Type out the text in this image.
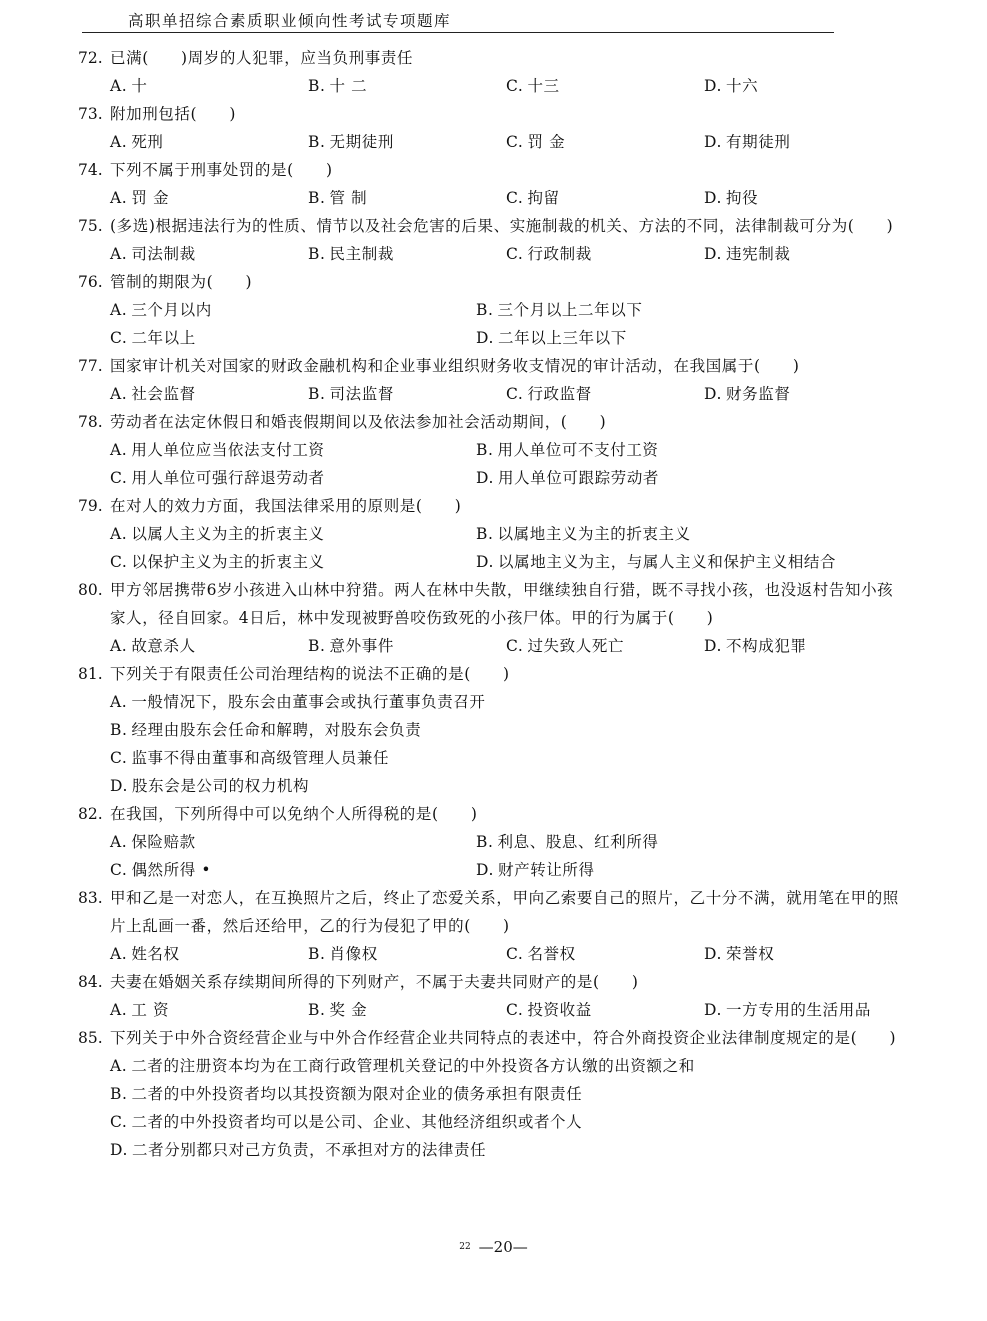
高职单招综合素质职业倾向性考试专项题库
72. 已满(　　)周岁的人犯罪，应当负刑事责任
A. 十	B. 十 二	C. 十三	D. 十六
73. 附加刑包括(　　)
A. 死刑	B. 无期徒刑	C. 罚 金	D. 有期徒刑
74. 下列不属于刑事处罚的是(　　)
A. 罚 金	B. 管 制	C. 拘留	D. 拘役
75. (多选)根据违法行为的性质、情节以及社会危害的后果、实施制裁的机关、方法的不同，法律制裁可分为(　　)
A. 司法制裁	B. 民主制裁	C. 行政制裁	D. 违宪制裁
76. 管制的期限为(　　)
A. 三个月以内	B. 三个月以上二年以下
C. 二年以上	D. 二年以上三年以下
77. 国家审计机关对国家的财政金融机构和企业事业组织财务收支情况的审计活动，在我国属于(　　)
A. 社会监督	B. 司法监督	C. 行政监督	D. 财务监督
78. 劳动者在法定休假日和婚丧假期间以及依法参加社会活动期间，(　　)
A. 用人单位应当依法支付工资	B. 用人单位可不支付工资
C. 用人单位可强行辞退劳动者	D. 用人单位可跟踪劳动者
79. 在对人的效力方面，我国法律采用的原则是(　　)
A. 以属人主义为主的折衷主义	B. 以属地主义为主的折衷主义
C. 以保护主义为主的折衷主义	D. 以属地主义为主，与属人主义和保护主义相结合
80. 甲方邻居携带6岁小孩进入山林中狩猎。两人在林中失散，甲继续独自行猎，既不寻找小孩，也没返村告知小孩家人，径自回家。4日后，林中发现被野兽咬伤致死的小孩尸体。甲的行为属于(　　)
A. 故意杀人	B. 意外事件	C. 过失致人死亡	D. 不构成犯罪
81. 下列关于有限责任公司治理结构的说法不正确的是(　　)
A. 一般情况下，股东会由董事会或执行董事负责召开
B. 经理由股东会任命和解聘，对股东会负责
C. 监事不得由董事和高级管理人员兼任
D. 股东会是公司的权力机构
82. 在我国，下列所得中可以免纳个人所得税的是(　　)
A. 保险赔款	B. 利息、股息、红利所得
C. 偶然所得 •	D. 财产转让所得
83. 甲和乙是一对恋人，在互换照片之后，终止了恋爱关系，甲向乙索要自己的照片，乙十分不满，就用笔在甲的照片上乱画一番，然后还给甲，乙的行为侵犯了甲的(　　)
A. 姓名权	B. 肖像权	C. 名誉权	D. 荣誉权
84. 夫妻在婚姻关系存续期间所得的下列财产，不属于夫妻共同财产的是(　　)
A. 工 资	B. 奖 金	C. 投资收益	D. 一方专用的生活用品
85. 下列关于中外合资经营企业与中外合作经营企业共同特点的表述中，符合外商投资企业法律制度规定的是(　　)
A. 二者的注册资本均为在工商行政管理机关登记的中外投资各方认缴的出资额之和
B. 二者的中外投资者均以其投资额为限对企业的债务承担有限责任
C. 二者的中外投资者均可以是公司、企业、其他经济组织或者个人
D. 二者分别都只对己方负责，不承担对方的法律责任
$^{22}$ —20—
